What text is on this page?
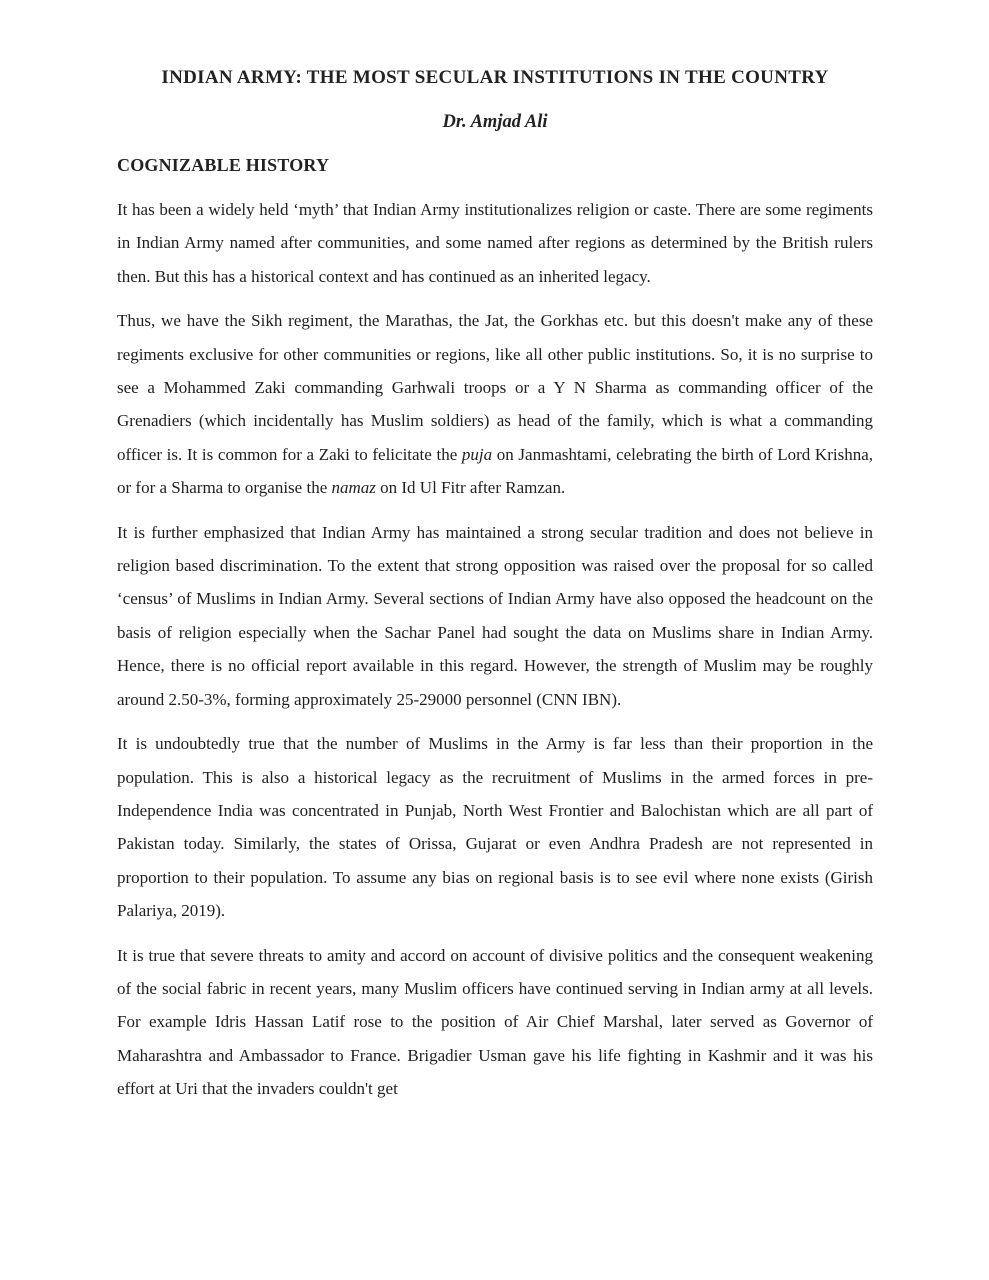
INDIAN ARMY: THE MOST SECULAR INSTITUTIONS IN THE COUNTRY

Dr. Amjad Ali

COGNIZABLE HISTORY

It has been a widely held ‘myth’ that Indian Army institutionalizes religion or caste. There are some regiments in Indian Army named after communities, and some named after regions as determined by the British rulers then. But this has a historical context and has continued as an inherited legacy.

Thus, we have the Sikh regiment, the Marathas, the Jat, the Gorkhas etc. but this doesn't make any of these regiments exclusive for other communities or regions, like all other public institutions. So, it is no surprise to see a Mohammed Zaki commanding Garhwali troops or a Y N Sharma as commanding officer of the Grenadiers (which incidentally has Muslim soldiers) as head of the family, which is what a commanding officer is. It is common for a Zaki to felicitate the puja on Janmashtami, celebrating the birth of Lord Krishna, or for a Sharma to organise the namaz on Id Ul Fitr after Ramzan.

It is further emphasized that Indian Army has maintained a strong secular tradition and does not believe in religion based discrimination. To the extent that strong opposition was raised over the proposal for so called ‘census’ of Muslims in Indian Army. Several sections of Indian Army have also opposed the headcount on the basis of religion especially when the Sachar Panel had sought the data on Muslims share in Indian Army. Hence, there is no official report available in this regard. However, the strength of Muslim may be roughly around 2.50-3%, forming approximately 25-29000 personnel (CNN IBN).

It is undoubtedly true that the number of Muslims in the Army is far less than their proportion in the population. This is also a historical legacy as the recruitment of Muslims in the armed forces in pre-Independence India was concentrated in Punjab, North West Frontier and Balochistan which are all part of Pakistan today. Similarly, the states of Orissa, Gujarat or even Andhra Pradesh are not represented in proportion to their population. To assume any bias on regional basis is to see evil where none exists (Girish Palariya, 2019).

It is true that severe threats to amity and accord on account of divisive politics and the consequent weakening of the social fabric in recent years, many Muslim officers have continued serving in Indian army at all levels. For example Idris Hassan Latif rose to the position of Air Chief Marshal, later served as Governor of Maharashtra and Ambassador to France. Brigadier Usman gave his life fighting in Kashmir and it was his effort at Uri that the invaders couldn't get
